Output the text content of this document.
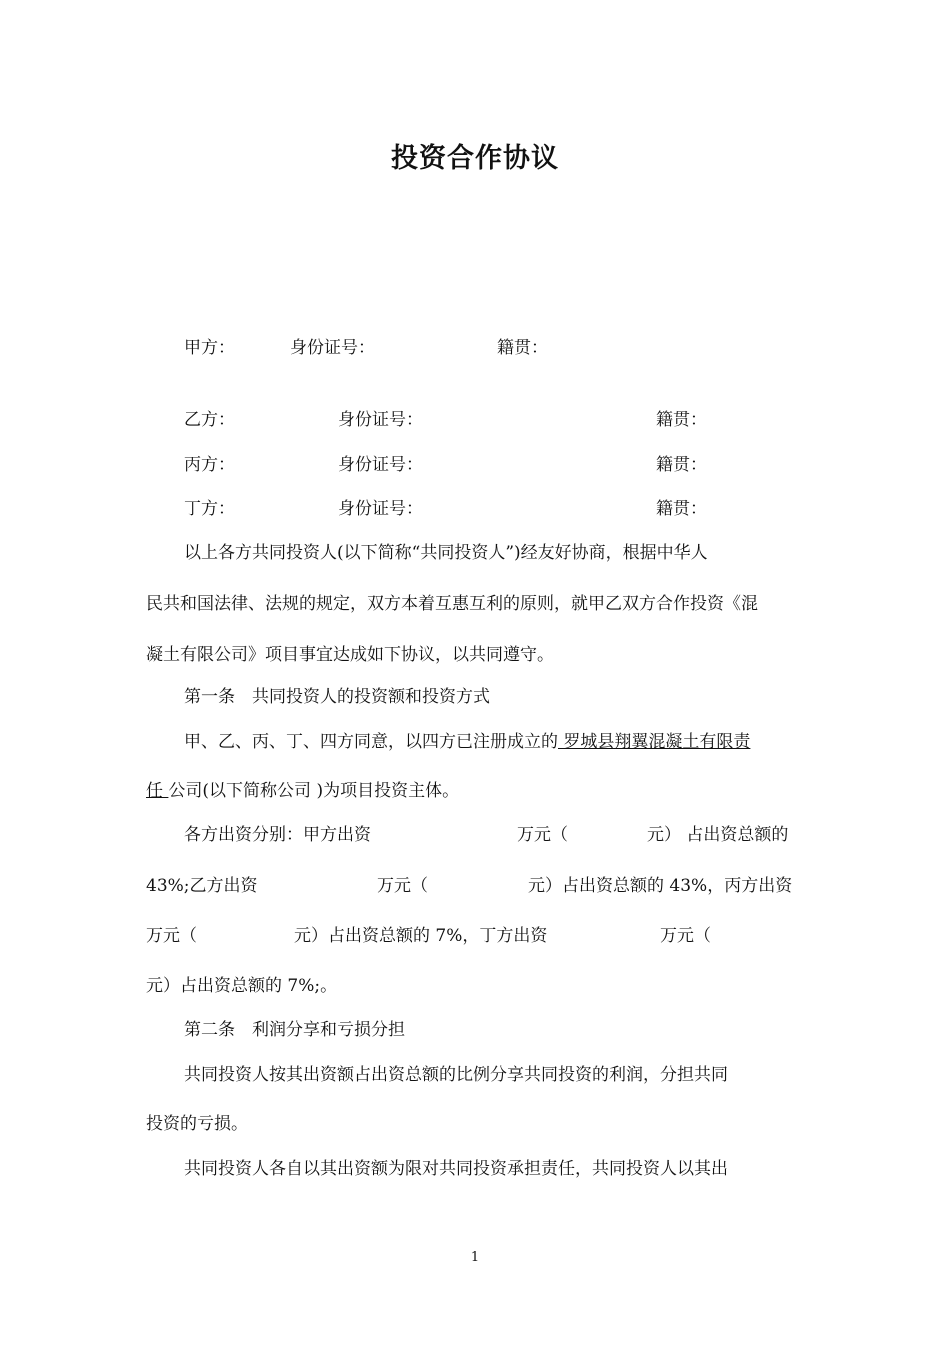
投资合作协议
甲方：	身份证号：	籍贯：
乙方：	身份证号：	籍贯：
丙方：	身份证号：	籍贯：
丁方：	身份证号：	籍贯：
以上各方共同投资人(以下简称“共同投资人”)经友好协商，根据中华人
民共和国法律、法规的规定，双方本着互惠互利的原则，就甲乙双方合作投资《混
凝土有限公司》项目事宜达成如下协议，以共同遵守。
第一条　共同投资人的投资额和投资方式
甲、乙、丙、丁、四方同意，以四方已注册成立的 罗城县翔翼混凝土有限责
任 公司(以下简称公司 )为项目投资主体。
各方出资分别：甲方出资	万元（	元） 占出资总额的
43%;乙方出资	万元（	元）占出资总额的 43%，丙方出资
万元（	元）占出资总额的 7%，丁方出资	万元（
元）占出资总额的 7%;。
第二条　利润分享和亏损分担
共同投资人按其出资额占出资总额的比例分享共同投资的利润，分担共同
投资的亏损。
共同投资人各自以其出资额为限对共同投资承担责任，共同投资人以其出
1
